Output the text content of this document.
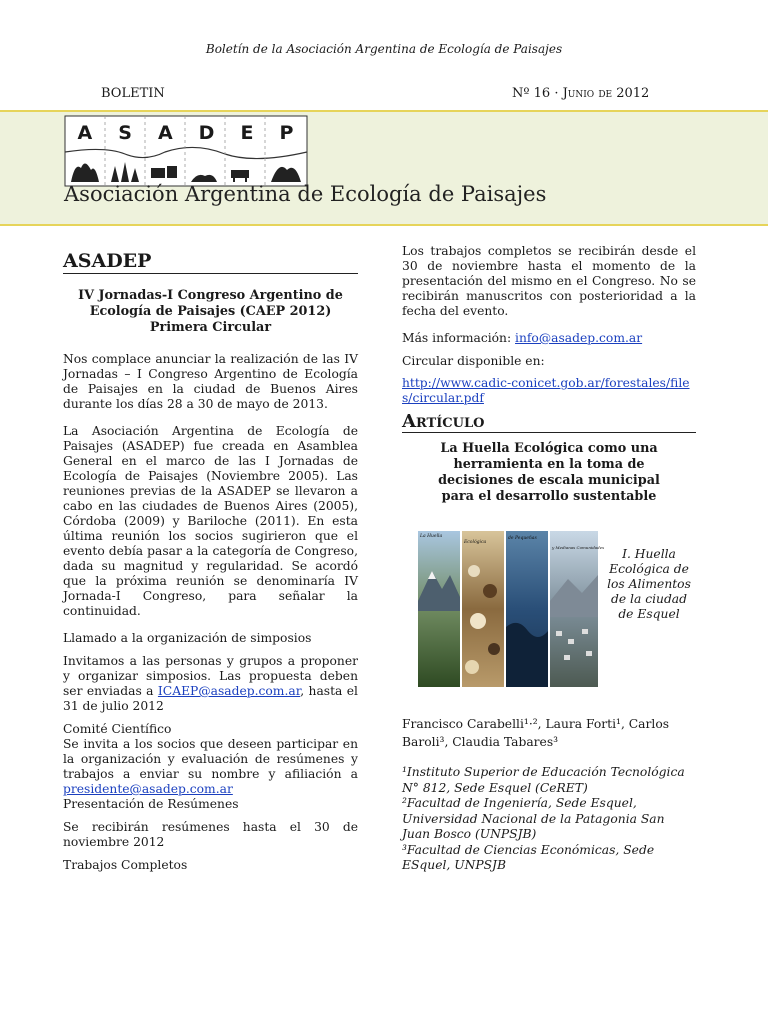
Boletín de la Asociación Argentina de Ecología de Paisajes
BOLETIN	Nº 16 · Junio de 2012
A S A D E P
Asociación Argentina de Ecología de Paisajes
ASADEP
IV Jornadas-I Congreso Argentino de Ecología de Paisajes (CAEP 2012) Primera Circular

Nos complace anunciar la realización de las IV Jornadas – I Congreso Argentino de Ecología de Paisajes en la ciudad de Buenos Aires durante los días 28 a 30 de mayo de 2013.

La Asociación Argentina de Ecología de Paisajes (ASADEP) fue creada en Asamblea General en el marco de las I Jornadas de Ecología de Paisajes (Noviembre 2005). Las reuniones previas de la ASADEP se llevaron a cabo en las ciudades de Buenos Aires (2005), Córdoba (2009) y Bariloche (2011). En esta última reunión los socios sugirieron que el evento debía pasar a la categoría de Congreso, dada su magnitud y regularidad. Se acordó que la próxima reunión se denominaría IV Jornada-I Congreso, para señalar la continuidad.

Llamado a la organización de simposios

Invitamos a las personas y grupos a proponer y organizar simposios. Las propuesta deben ser enviadas a ICAEP@asadep.com.ar, hasta el 31 de julio 2012

Comité Científico
Se invita a los socios que deseen participar en la organización y evaluación de resúmenes y trabajos a enviar su nombre y afiliación a presidente@asadep.com.ar

Presentación de Resúmenes

Se recibirán resúmenes hasta el 30 de noviembre 2012

Trabajos Completos

Los trabajos completos se recibirán desde el 30 de noviembre hasta el momento de la presentación del mismo en el Congreso. No se recibirán manuscritos con posterioridad a la fecha del evento.

Más información: info@asadep.com.ar

Circular disponible en:
http://www.cadic-conicet.gob.ar/forestales/files/circular.pdf
Artículo
La Huella Ecológica como una herramienta en la toma de decisiones de escala municipal para el desarrollo sustentable
La Huella
Ecológica
de Pequeñas
y Medianas Comunidades	I. Huella Ecológica de los Alimentos de la ciudad de Esquel
Francisco Carabelli¹·², Laura Forti¹, Carlos Baroli³, Claudia Tabares³
¹Instituto Superior de Educación Tecnológica N° 812, Sede Esquel (CeRET)
²Facultad de Ingeniería, Sede Esquel, Universidad Nacional de la Patagonia San Juan Bosco (UNPSJB)
³Facultad de Ciencias Económicas, Sede ESquel, UNPSJB
